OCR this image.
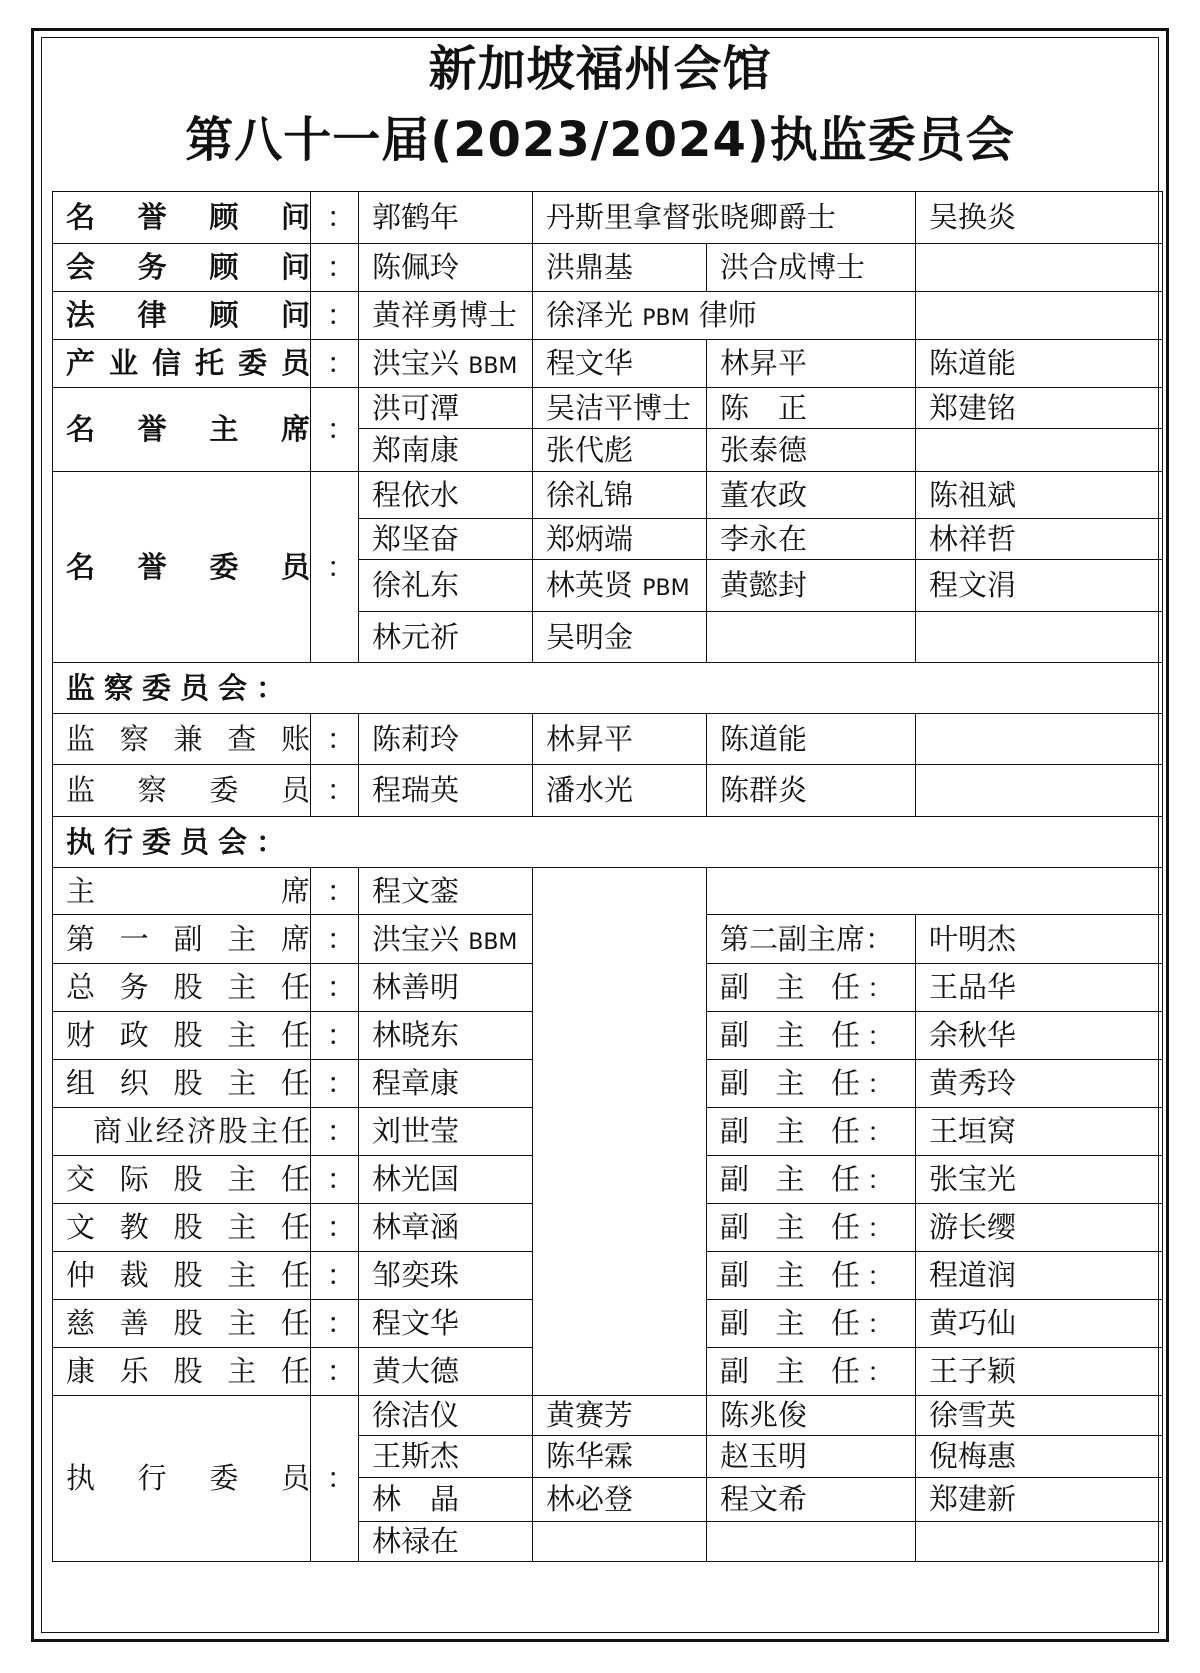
新加坡福州会馆
第八十一届(2023/2024)执监委员会
名誉顾问	：	郭鹤年	丹斯里拿督张晓卿爵士		吴换炎
会务顾问	：	陈佩玲	洪鼎基	洪合成博士	
法律顾问	：	黄祥勇博士	徐泽光 PBM 律师		
产业信托委员	：	洪宝兴 BBM	程文华	林昇平	陈道能
名誉主席	：	洪可潭	吴洁平博士	陈　正	郑建铭
		郑南康	张代彪	张泰德	
名誉委员	：	程依水	徐礼锦	董农政	陈祖斌
		郑坚奋	郑炳端	李永在	林祥哲
		徐礼东	林英贤 PBM	黄懿封	程文涓
		林元祈	吴明金		
监察委员会：					
监察兼查账	：	陈莉玲	林昇平	陈道能	
监察委员	：	程瑞英	潘水光	陈群炎	
执行委员会：					
主席	：	程文銮			
第一副主席	：	洪宝兴 BBM		第二副主席：	叶明杰
总务股主任	：	林善明		副主任 ：	王品华
财政股主任	：	林晓东		副主任 ：	余秋华
组织股主任	：	程章康		副主任 ：	黄秀玲
商业经济股主任	：	刘世莹		副主任 ：	王垣窝
交际股主任	：	林光国		副主任 ：	张宝光
文教股主任	：	林章涵		副主任 ：	游长缨
仲裁股主任	：	邹奕珠		副主任 ：	程道润
慈善股主任	：	程文华		副主任 ：	黄巧仙
康乐股主任	：	黄大德		副主任 ：	王子颖
执行委员	：	徐洁仪	黄赛芳	陈兆俊	徐雪英
		王斯杰	陈华霖	赵玉明	倪梅惠
		林　晶	林必登	程文希	郑建新
		林禄在			
